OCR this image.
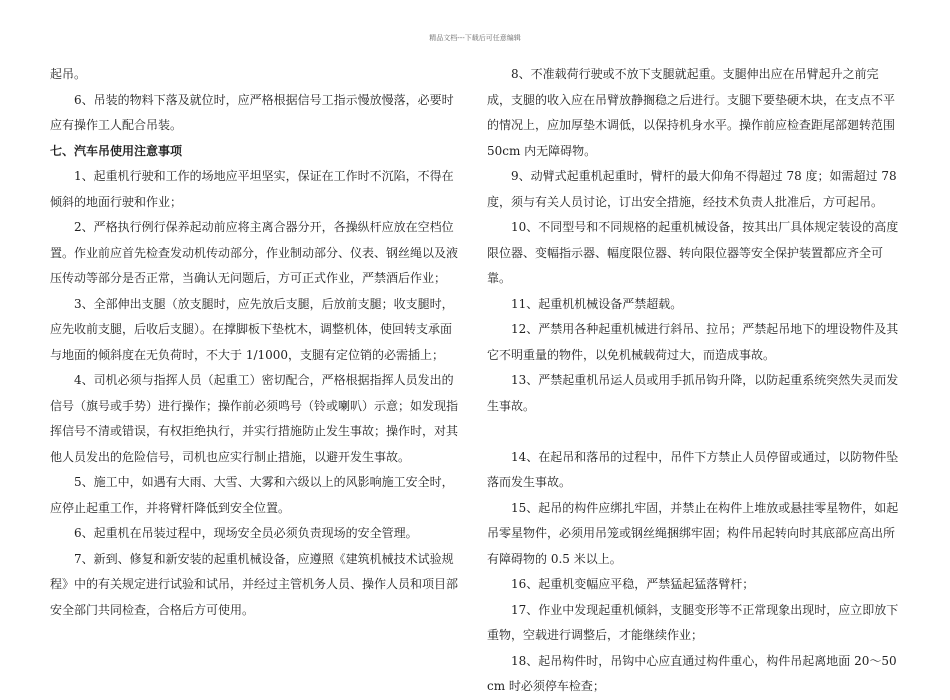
精品文档---下载后可任意编辑

起吊。

6、吊装的物料下落及就位时，应严格根据信号工指示慢放慢落，必要时应有操作工人配合吊装。

七、汽车吊使用注意事项

1、起重机行驶和工作的场地应平坦坚实，保证在工作时不沉陷，不得在倾斜的地面行驶和作业；

2、严格执行例行保养起动前应将主离合器分开，各操纵杆应放在空档位置。作业前应首先检查发动机传动部分，作业制动部分、仪表、钢丝绳以及液压传动等部分是否正常，当确认无问题后，方可正式作业，严禁酒后作业；

3、全部伸出支腿（放支腿时，应先放后支腿，后放前支腿；收支腿时，应先收前支腿，后收后支腿）。在撑脚板下垫枕木，调整机体，使回转支承面与地面的倾斜度在无负荷时，不大于 1/1000，支腿有定位销的必需插上；

4、司机必须与指挥人员（起重工）密切配合，严格根据指挥人员发出的信号（旗号或手势）进行操作；操作前必须鸣号（铃或喇叭）示意；如发现指挥信号不清或错误，有权拒绝执行，并实行措施防止发生事故；操作时，对其他人员发出的危险信号，司机也应实行制止措施，以避开发生事故。

5、施工中，如遇有大雨、大雪、大雾和六级以上的风影响施工安全时，应停止起重工作，并将臂杆降低到安全位置。

6、起重机在吊装过程中，现场安全员必须负责现场的安全管理。

7、新到、修复和新安装的起重机械设备，应遵照《建筑机械技术试验规程》中的有关规定进行试验和试吊，并经过主管机务人员、操作人员和项目部安全部门共同检查，合格后方可使用。

8、不准载荷行驶或不放下支腿就起重。支腿伸出应在吊臂起升之前完成，支腿的收入应在吊臂放静搁稳之后进行。支腿下要垫硬木块，在支点不平的情况上，应加厚垫木调低，以保持机身水平。操作前应检查距尾部廻转范围 50cm 内无障碍物。

9、动臂式起重机起重时，臂杆的最大仰角不得超过 78 度；如需超过 78 度，须与有关人员讨论，订出安全措施，经技术负责人批准后，方可起吊。

10、不同型号和不同规格的起重机械设备，按其出厂具体规定装设的高度限位器、变幅指示器、幅度限位器、转向限位器等安全保护装置都应齐全可靠。

11、起重机机械设备严禁超载。

12、严禁用各种起重机械进行斜吊、拉吊；严禁起吊地下的埋设物件及其它不明重量的物件，以免机械载荷过大，而造成事故。

13、严禁起重机吊运人员或用手抓吊钩升降，以防起重系统突然失灵而发生事故。

14、在起吊和落吊的过程中，吊件下方禁止人员停留或通过，以防物件坠落而发生事故。

15、起吊的构件应绑扎牢固，并禁止在构件上堆放或悬挂零星物件，如起吊零星物件，必须用吊笼或钢丝绳捆绑牢固；构件吊起转向时其底部应高出所有障碍物的 0.5 米以上。

16、起重机变幅应平稳，严禁猛起猛落臂杆；

17、作业中发现起重机倾斜，支腿变形等不正常现象出现时，应立即放下重物，空载进行调整后，才能继续作业；

18、起吊构件时，吊钩中心应直通过构件重心，构件吊起离地面 20～50cm 时必须停车检查；
